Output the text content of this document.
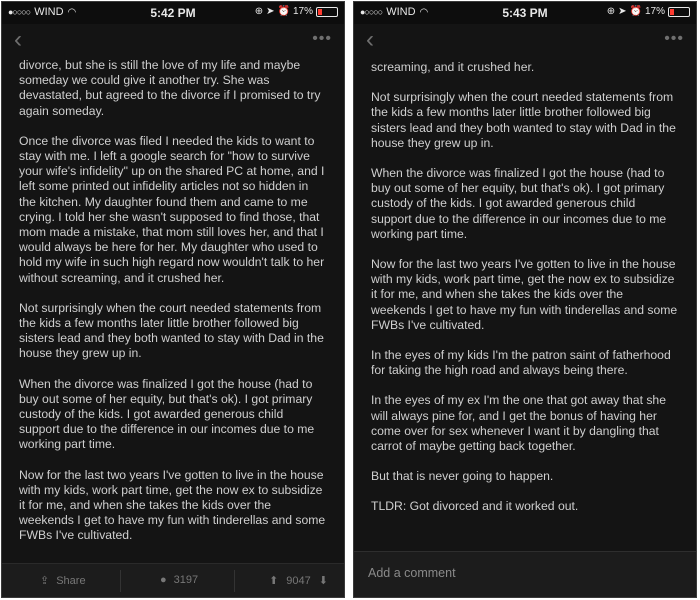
●○○○○ WIND ◠	5:42 PM	⊕ ➤ ⏰ 17%
‹	•••

divorce, but she is still the love of my life and maybe someday we could give it another try. She was devastated, but agreed to the divorce if I promised to try again someday.

Once the divorce was filed I needed the kids to want to stay with me. I left a google search for "how to survive your wife's infidelity" up on the shared PC at home, and I left some printed out infidelity articles not so hidden in the kitchen. My daughter found them and came to me crying. I told her she wasn't supposed to find those, that mom made a mistake, that mom still loves her, and that I would always be here for her. My daughter who used to hold my wife in such high regard now wouldn't talk to her without screaming, and it crushed her.

Not surprisingly when the court needed statements from the kids a few months later little brother followed big sisters lead and they both wanted to stay with Dad in the house they grew up in.

When the divorce was finalized I got the house (had to buy out some of her equity, but that's ok). I got primary custody of the kids. I got awarded generous child support due to the difference in our incomes due to me working part time.

Now for the last two years I've gotten to live in the house with my kids, work part time, get the now ex to subsidize it for me, and when she takes the kids over the weekends I get to have my fun with tinderellas and some FWBs I've cultivated.

⇪ Share	● 3197	⬆ 9047 ⬇
●○○○○ WIND ◠	5:43 PM	⊕ ➤ ⏰ 17%
‹	•••

screaming, and it crushed her.

Not surprisingly when the court needed statements from the kids a few months later little brother followed big sisters lead and they both wanted to stay with Dad in the house they grew up in.

When the divorce was finalized I got the house (had to buy out some of her equity, but that's ok). I got primary custody of the kids. I got awarded generous child support due to the difference in our incomes due to me working part time.

Now for the last two years I've gotten to live in the house with my kids, work part time, get the now ex to subsidize it for me, and when she takes the kids over the weekends I get to have my fun with tinderellas and some FWBs I've cultivated.

In the eyes of my kids I'm the patron saint of fatherhood for taking the high road and always being there.

In the eyes of my ex I'm the one that got away that she will always pine for, and I get the bonus of having her come over for sex whenever I want it by dangling that carrot of maybe getting back together.

But that is never going to happen.

TLDR: Got divorced and it worked out.

Add a comment
